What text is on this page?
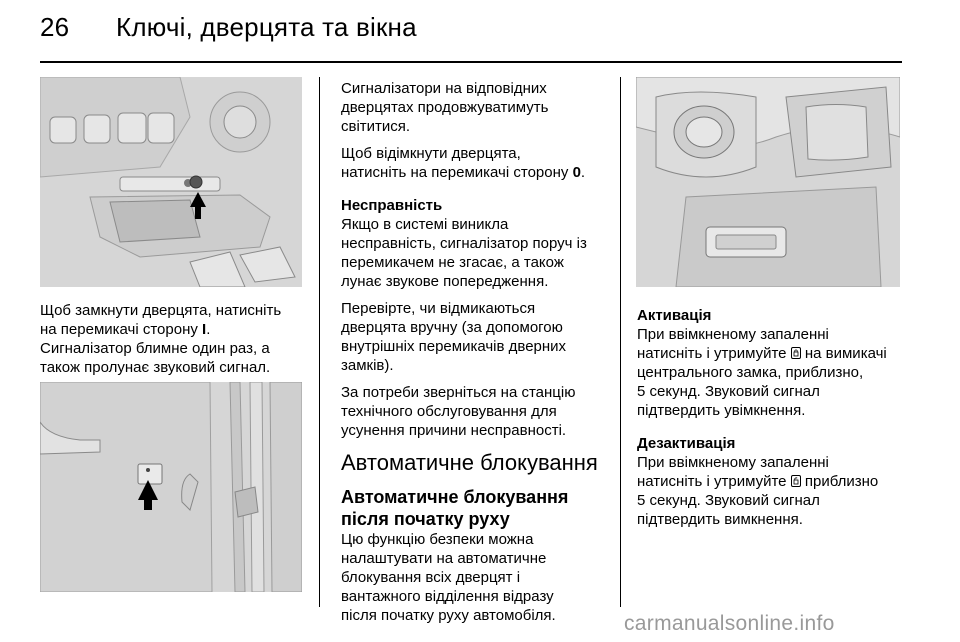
26 Ключі, дверцята та вікна
Щоб замкнути дверцята, натисніть
на перемикачі сторону I.
Сигналізатор блимне один раз, а
також пролунає звуковий сигнал.

Сигналізатори на відповідних
дверцятах продовжуватимуть
світитися.

Щоб відімкнути дверцята,
натисніть на перемикачі сторону 0.

Несправність
Якщо в системі виникла
несправність, сигналізатор поруч із
перемикачем не згасає, а також
лунає звукове попередження.

Перевірте, чи відмикаються
дверцята вручну (за допомогою
внутрішніх перемикачів дверних
замків).

За потреби зверніться на станцію
технічного обслуговування для
усунення причини несправності.

Автоматичне блокування

Автоматичне блокування
після початку руху

Цю функцію безпеки можна
налаштувати на автоматичне
блокування всіх дверцят і
вантажного відділення відразу
після початку руху автомобіля.

Активація
При ввімкненому запаленні
натисніть і утримуйте  на вимикачі
центрального замка, приблизно,
5 секунд. Звуковий сигнал
підтвердить увімкнення.

Дезактивація
При ввімкненому запаленні
натисніть і утримуйте  приблизно
5 секунд. Звуковий сигнал
підтвердить вимкнення.

carmanualsonline.info
